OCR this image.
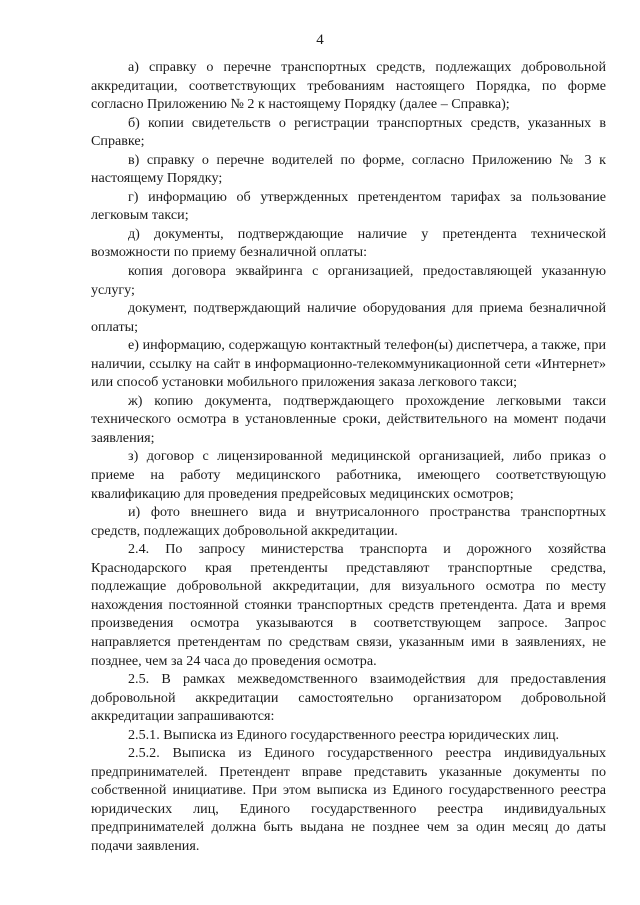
4

а) справку о перечне транспортных средств, подлежащих добровольной аккредитации, соответствующих требованиям настоящего Порядка, по форме согласно Приложению № 2 к настоящему Порядку (далее – Справка);

б) копии свидетельств о регистрации транспортных средств, указанных в Справке;

в) справку о перечне водителей по форме, согласно Приложению № 3 к настоящему Порядку;

г) информацию об утвержденных претендентом тарифах за пользование легковым такси;

д) документы, подтверждающие наличие у претендента технической возможности по приему безналичной оплаты:

копия договора эквайринга с организацией, предоставляющей указанную услугу;

документ, подтверждающий наличие оборудования для приема безналичной оплаты;

е) информацию, содержащую контактный телефон(ы) диспетчера, а также, при наличии, ссылку на сайт в информационно-телекоммуникационной сети «Интернет» или способ установки мобильного приложения заказа легкового такси;

ж) копию документа, подтверждающего прохождение легковыми такси технического осмотра в установленные сроки, действительного на момент подачи заявления;

з) договор с лицензированной медицинской организацией, либо приказ о приеме на работу медицинского работника, имеющего соответствующую квалификацию для проведения предрейсовых медицинских осмотров;

и) фото внешнего вида и внутрисалонного пространства транспортных средств, подлежащих добровольной аккредитации.

2.4. По запросу министерства транспорта и дорожного хозяйства Краснодарского края претенденты представляют транспортные средства, подлежащие добровольной аккредитации, для визуального осмотра по месту нахождения постоянной стоянки транспортных средств претендента. Дата и время произведения осмотра указываются в соответствующем запросе. Запрос направляется претендентам по средствам связи, указанным ими в заявлениях, не позднее, чем за 24 часа до проведения осмотра.

2.5. В рамках межведомственного взаимодействия для предоставления добровольной аккредитации самостоятельно организатором добровольной аккредитации запрашиваются:

2.5.1. Выписка из Единого государственного реестра юридических лиц.

2.5.2. Выписка из Единого государственного реестра индивидуальных предпринимателей. Претендент вправе представить указанные документы по собственной инициативе. При этом выписка из Единого государственного реестра юридических лиц, Единого государственного реестра индивидуальных предпринимателей должна быть выдана не позднее чем за один месяц до даты подачи заявления.
